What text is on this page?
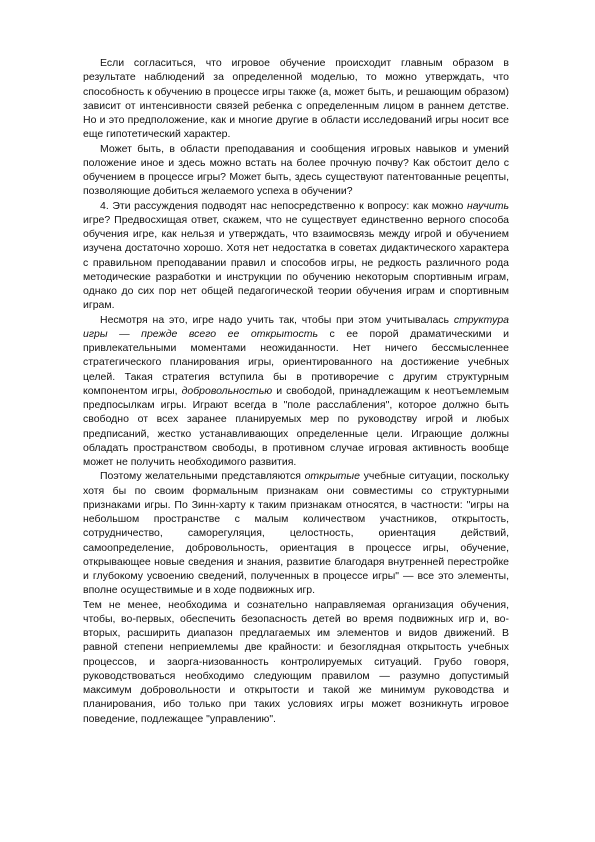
Если согласиться, что игровое обучение происходит главным образом в результате наблюдений за определенной моделью, то можно утверждать, что способность к обучению в процессе игры также (а, может быть, и решающим образом) зависит от интенсивности связей ребенка с определенным лицом в раннем детстве. Но и это предположение, как и многие другие в области исследований игры носит все еще гипотетический характер.

Может быть, в области преподавания и сообщения игровых навыков и умений положение иное и здесь можно встать на более прочную почву? Как обстоит дело с обучением в процессе игры? Может быть, здесь существуют патентованные рецепты, позволяющие добиться желаемого успеха в обучении?

4. Эти рассуждения подводят нас непосредственно к вопросу: как можно научить игре? Предвосхищая ответ, скажем, что не существует единственно верного способа обучения игре, как нельзя и утверждать, что взаимосвязь между игрой и обучением изучена достаточно хорошо. Хотя нет недостатка в советах дидактического характера с правильном преподавании правил и способов игры, не редкость различного рода методические разработки и инструкции по обучению некоторым спортивным играм, однако до сих пор нет общей педагогической теории обучения играм и спортивным играм.

Несмотря на это, игре надо учить так, чтобы при этом учитывалась структура игры — прежде всего ее открытость с ее порой драматическими и привлекательными моментами неожиданности. Нет ничего бессмысленнее стратегического планирования игры, ориентированного на достижение учебных целей. Такая стратегия вступила бы в противоречие с другим структурным компонентом игры, добровольностью и свободой, принадлежащим к неотъемлемым предпосылкам игры. Играют всегда в "поле расслабления", которое должно быть свободно от всех заранее планируемых мер по руководству игрой и любых предписаний, жестко устанавливающих определенные цели. Играющие должны обладать пространством свободы, в противном случае игровая активность вообще может не получить необходимого развития.

Поэтому желательными представляются открытые учебные ситуации, поскольку хотя бы по своим формальным признакам они совместимы со структурными признаками игры. По Зинн-харту к таким признакам относятся, в частности: "игры на небольшом пространстве с малым количеством участников, открытость, сотрудничество, саморегуляция, целостность, ориентация действий, самоопределение, добровольность, ориентация в процессе игры, обучение, открывающее новые сведения и знания, развитие благодаря внутренней перестройке и глубокому усвоению сведений, полученных в процессе игры" — все это элементы, вполне осуществимые и в ходе подвижных игр.

Тем не менее, необходима и сознательно направляемая организация обучения, чтобы, во-первых, обеспечить безопасность детей во время подвижных игр и, во-вторых, расширить диапазон предлагаемых им элементов и видов движений. В равной степени неприемлемы две крайности: и безоглядная открытость учебных процессов, и заорга-низованность контролируемых ситуаций. Грубо говоря, руководствоваться необходимо следующим правилом — разумно допустимый максимум добровольности и открытости и такой же минимум руководства и планирования, ибо только при таких условиях игры может возникнуть игровое поведение, подлежащее "управлению".
